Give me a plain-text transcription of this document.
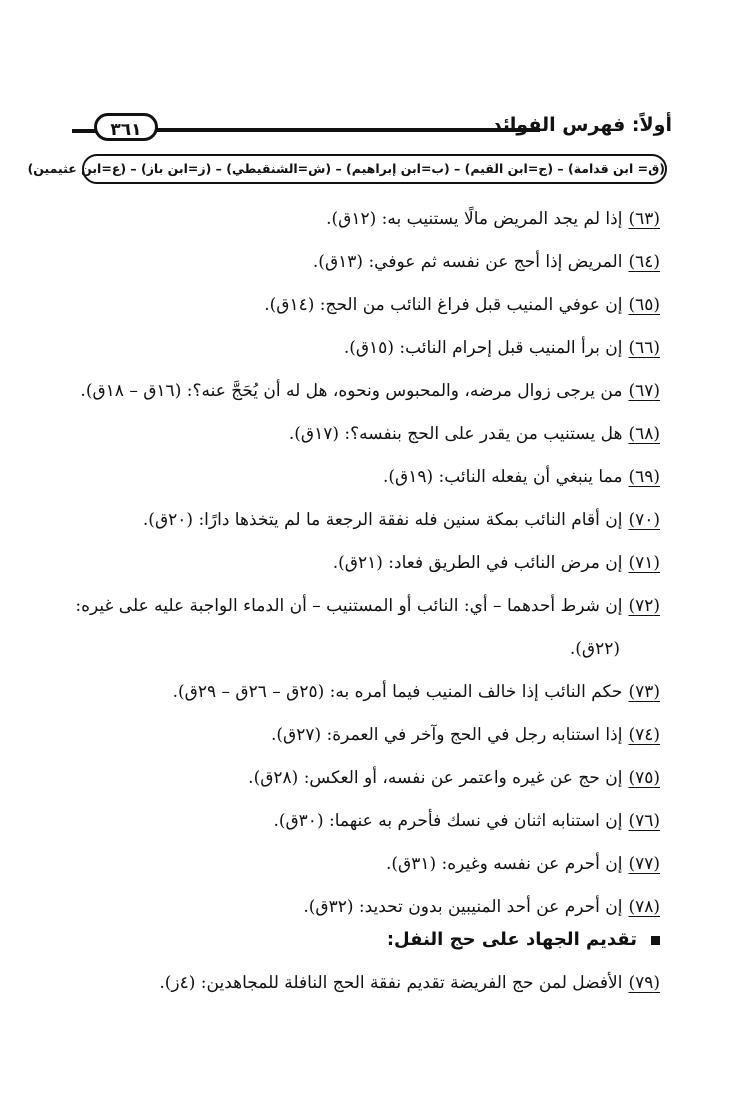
٣٦١	أولاً: فهرس الفوائد
(ق= ابن قدامة) – (ج=ابن القيم) – (ب=ابن إبراهيم) – (ش=الشنقيطي) – (ز=ابن باز) – (ع=ابن عثيمين)
(٦٣)إذا لم يجد المريض مالًا يستنيب به: (١٢ق).
(٦٤)المريض إذا أحج عن نفسه ثم عوفي: (١٣ق).
(٦٥)إن عوفي المنيب قبل فراغ النائب من الحج: (١٤ق).
(٦٦)إن برأ المنيب قبل إحرام النائب: (١٥ق).
(٦٧)من يرجى زوال مرضه، والمحبوس ونحوه، هل له أن يُحَجَّ عنه؟: (١٦ق – ١٨ق).
(٦٨)هل يستنيب من يقدر على الحج بنفسه؟: (١٧ق).
(٦٩)مما ينبغي أن يفعله النائب: (١٩ق).
(٧٠)إن أقام النائب بمكة سنين فله نفقة الرجعة ما لم يتخذها دارًا: (٢٠ق).
(٧١)إن مرض النائب في الطريق فعاد: (٢١ق).
(٧٢)إن شرط أحدهما – أي: النائب أو المستنيب – أن الدماء الواجبة عليه على غيره:
(٢٢ق).
(٧٣)حكم النائب إذا خالف المنيب فيما أمره به: (٢٥ق – ٢٦ق – ٢٩ق).
(٧٤)إذا استنابه رجل في الحج وآخر في العمرة: (٢٧ق).
(٧٥)إن حج عن غيره واعتمر عن نفسه، أو العكس: (٢٨ق).
(٧٦)إن استنابه اثنان في نسك فأحرم به عنهما: (٣٠ق).
(٧٧)إن أحرم عن نفسه وغيره: (٣١ق).
(٧٨)إن أحرم عن أحد المنيبين بدون تحديد: (٣٢ق).
تقديم الجهاد على حج النفل:
(٧٩)الأفضل لمن حج الفريضة تقديم نفقة الحج النافلة للمجاهدين: (٤ز).
